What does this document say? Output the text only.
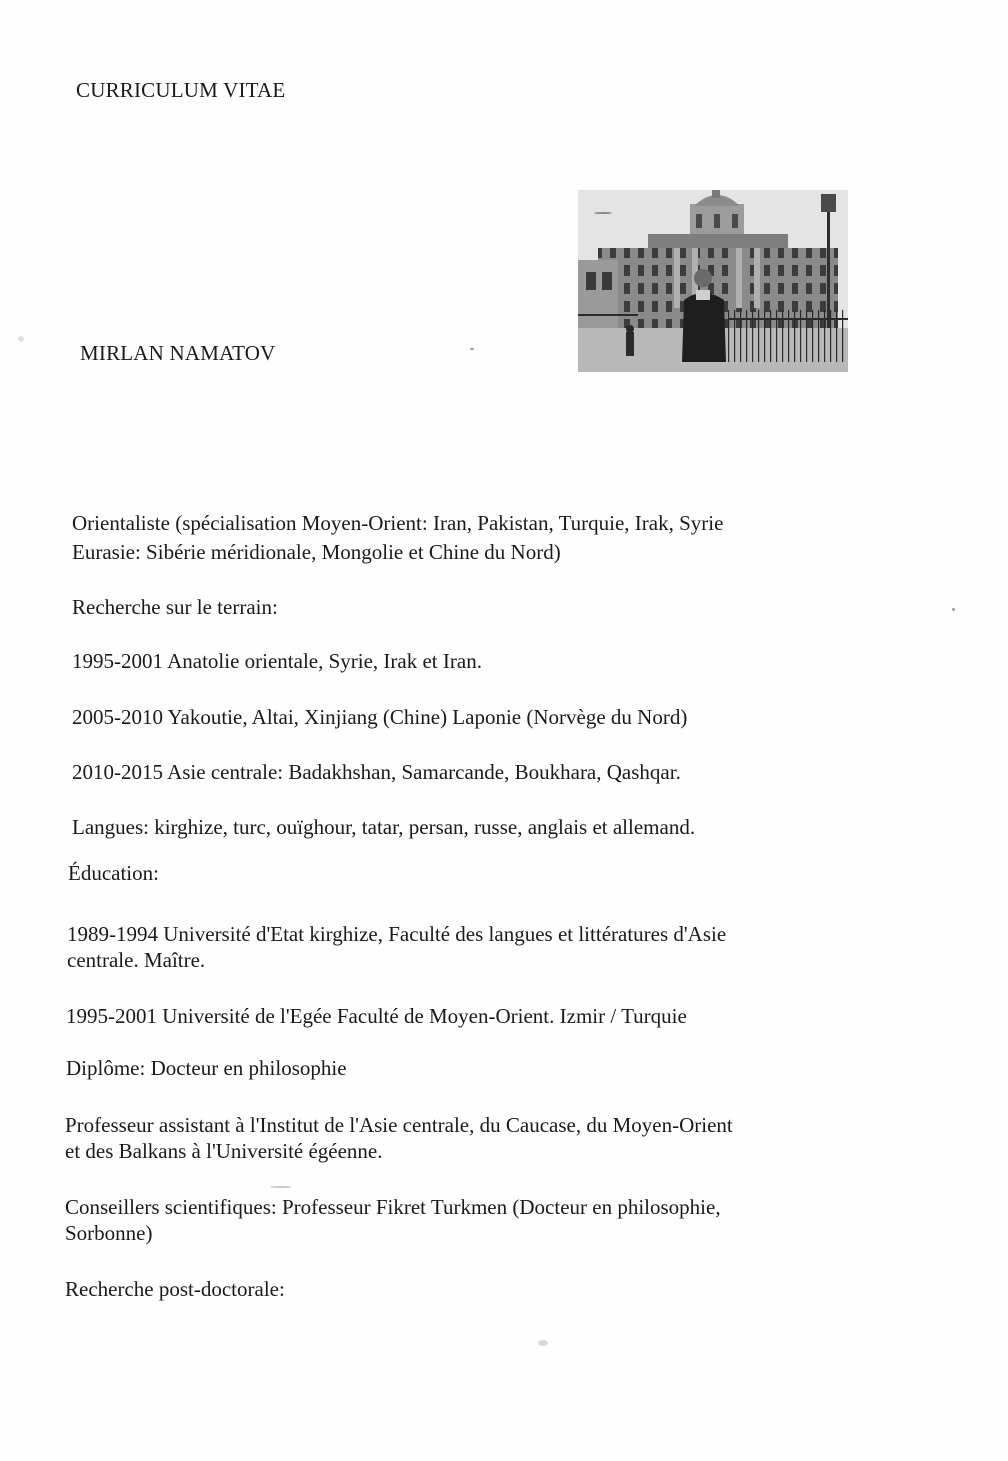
CURRICULUM VITAE
MIRLAN NAMATOV
Orientaliste (spécialisation Moyen-Orient: Iran, Pakistan, Turquie, Irak, Syrie
Eurasie: Sibérie méridionale, Mongolie et Chine du Nord)
Recherche sur le terrain:
1995-2001 Anatolie orientale, Syrie, Irak et Iran.
2005-2010 Yakoutie, Altai, Xinjiang (Chine) Laponie (Norvège du Nord)
2010-2015 Asie centrale: Badakhshan, Samarcande, Boukhara, Qashqar.
Langues: kirghize, turc, ouïghour, tatar, persan, russe, anglais et allemand.
Éducation:
1989-1994 Université d'Etat kirghize, Faculté des langues et littératures d'Asie
centrale. Maître.
1995-2001 Université de l'Egée Faculté de Moyen-Orient. Izmir / Turquie
Diplôme: Docteur en philosophie
Professeur assistant à l'Institut de l'Asie centrale, du Caucase, du Moyen-Orient
et des Balkans à l'Université égéenne.
Conseillers scientifiques: Professeur Fikret Turkmen (Docteur en philosophie,
Sorbonne)
Recherche post-doctorale:
